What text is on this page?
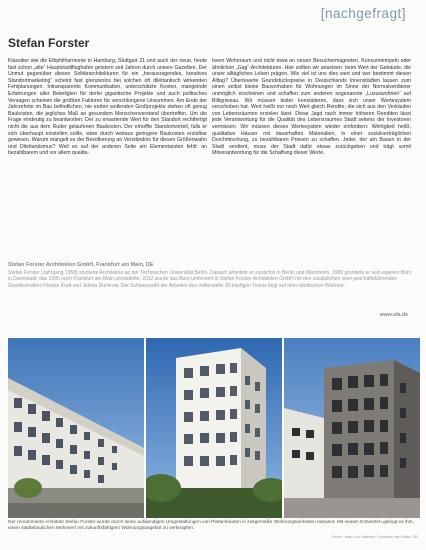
[nachgefragt]
Stefan Forster

Klassiker wie die Elbphilharmonie in Hamburg, Stuttgart 21 und auch der neue, heute fast schon „alte“ Hauptstadtflughafen geistern seit Jahren durch unsere Gazetten. Der Unmut gegenüber diesen Solitärarchitekturen für ein „herausragendes, kreatives Standortmarketing“ scheint fast grenzenlos bei solchen oft dilettantisch wirkenden Fehlplanungen. Intransparente Kommunikation, unterschätzte Kosten, mangelnde Erfahrungen aller Beteiligten für derlei gigantische Projekte und auch politisches Versagen scheinen die größten Faktoren für verschlungene Unsummen. Am Ende der Jahrzehnte im Bau befindlichen, nie enden wollenden Großprojekte stehen oft genug Baukosten, die jegliches Maß an gesundem Menschenverstand übertreffen. Um die Frage eindeutig zu beantworten: Der zu erwartende Wert für den Standort rechtfertigt nicht die aus dem Ruder gelaufenen Baukosten. Der erhoffte Standortvorteil, falls er sich überhaupt einstellen sollte, wäre durch weitaus geringere Baukosten erzielbar gewesen. Warum mangelt es der Bevölkerung an Verständnis für diesen Größenwahn und Dilettantismus? Weil es auf der anderen Seite am Elementarsten fehlt: an bezahlbarem und vor allem qualita-

tivem Wohnraum und nicht etwa an neuen Besuchermagneten, Konsumtempeln oder ähnlichen „Gag“-Architekturen. Hier sollten wir ansetzen: beim Wert der Gebäude, die unser alltägliches Leben prägen. Wie viel ist uns dies wert und wer bestimmt diesen Alltag? Überteuerte Grundstückspreise in Deutschlands Innenstädten lassen zum einen selbst kleine Bauvorhaben für Wohnungen im Sinne der Normalverdiener unmöglich erscheinen und schaffen zum anderen sogenannte „Luxuswohnen“ auf Billigniveau. Wir müssen leider konstatieren, dass sich unser Wertesystem verschoben hat. Wert heißt nur noch Wert gleich Rendite, die sich aus den Verkäufen von Lebensräumen erzielen lässt. Diese Jagd nach immer höheren Renditen lässt jede Verantwortung für die Qualität des Lebensraumes Stadt seitens der Investoren vermissen. Wir müssen dieses Wertesystem wieder einfordern: Wertigkeit heißt, qualitative Häuser mit dauerhaften Materialien, in einer sozialverträglichen Durchmischung, zu bezahlbaren Preisen zu schaffen. Jeder, der am Bauen in der Stadt verdient, muss der Stadt dafür etwas zurückgeben und trägt somit Mitverantwortung für die Schaffung dieser Werte.

Stefan Forster Architekten GmbH, Frankfurt am Main, DE
Stefan Forster (Jahrgang 1958) studierte Architektur an der Technischen Universität Berlin. Danach arbeitete er zunächst in Berlin und Mannheim. 1989 gründete er sein eigenes Büro in Darmstadt; das 1995 nach Frankfurt am Main umsiedelte. 2012 wurde das Büro umfirmiert in Stefan Forster Architekten GmbH mit den zusätzlichen zwei geschäftsführenden Gesellschaftern Florian Kraft und Jelena Duchrow. Der Schwerpunkt der Arbeiten des mittlerweile 30-köpfigen Teams liegt auf dem städtischen Wohnen.
www.sfa.de
Der renommierte Architekt Stefan Forster wurde durch seine aufwendigen Umgestaltungen von Plattenbauten in zeitgemäße Wohnungseinheiten bekannt. Mit seinen Entwürfen gelingt es ihm, einen städtebaulichen Mehrwert mit zukunftsfähigem Wohnungsangebot zu verknüpfen.
Fotos: Jean-Luc Valentin, Frankfurt am Main, DE
